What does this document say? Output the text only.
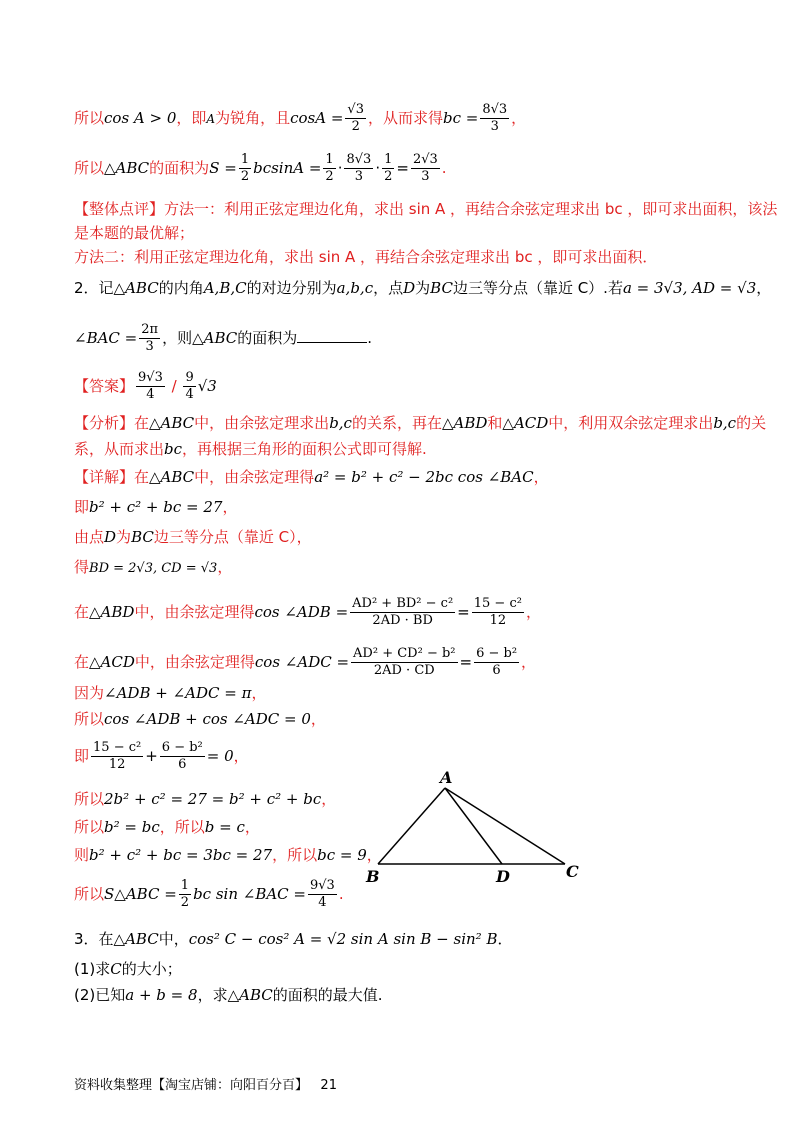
所以cos A > 0，即A为锐角，且$\cos A = \frac{√3}{2}$ ，从而求得bc = $\frac{8√3}{3}$ ，
所以△ABC的面积为$S = \frac{1}{2}$ $bcsinA = \frac{1}{2} \cdot \frac{8√3}{3} \cdot \frac{1}{2} = \frac{2√3}{3}$ .
【整体点评】方法一：利用正弦定理边化角，求出 sin A ，再结合余弦定理求出 bc ，即可求出面积，该法
是本题的最优解；
方法二：利用正弦定理边化角，求出 sin A ，再结合余弦定理求出 bc ，即可求出面积．
2．记△ABC的内角A,B,C的对边分别为a,b,c，点D为BC边三等分点（靠近 C）.若a = 3√3, AD = √3，
∠BAC = $\frac{2\pi}{3}$ ，则△ABC的面积为	.
【答案】 $\frac{9√3}{4} / \frac{9}{4} √3$
【分析】在△ABC中，由余弦定理求出b,c的关系，再在△ABD和△ACD中，利用双余弦定理求出b,c的关
系，从而求出bc，再根据三角形的面积公式即可得解.
【详解】在△ABC中，由余弦定理得a² = b² + c² − 2bc cos ∠BAC，
即b² + c² + bc = 27，
由点D为BC边三等分点（靠近 C），
得BD = 2√3, CD = √3，
在△ABD中，由余弦定理得cos ∠ADB = $\frac{\text{AD² + BD² − c²}}{2AD \cdot BD} = \frac{\text{15 − c²}}{12}$ ，
在△ACD中，由余弦定理得cos ∠ADC = $\frac{\text{AD² + CD² − b²}}{2AD \cdot CD} = \frac{\text{6 − b²}}{6}$ ，
因为∠ADB + ∠ADC = π，
所以cos ∠ADB + cos ∠ADC = 0，
即 $\frac{\text{15 − c²}}{12} + \frac{\text{6 − b²}}{6} = 0$，
所以2b² + c² = 27 = b² + c² + bc，
所以b² = bc，所以b = c，
则b² + c² + bc = 3bc = 27，所以bc = 9，
所以S△ABC = $\frac{1}{2}$ bc sin ∠BAC = $\frac{9√3}{4}$ .
3．在△ABC中，cos² C − cos² A = √2 sin A sin B − sin² B．
(1)求C的大小；
(2)已知a + b = 8，求△ABC的面积的最大值.
A
B	D	C
资料收集整理【淘宝店铺：向阳百分百】 21
